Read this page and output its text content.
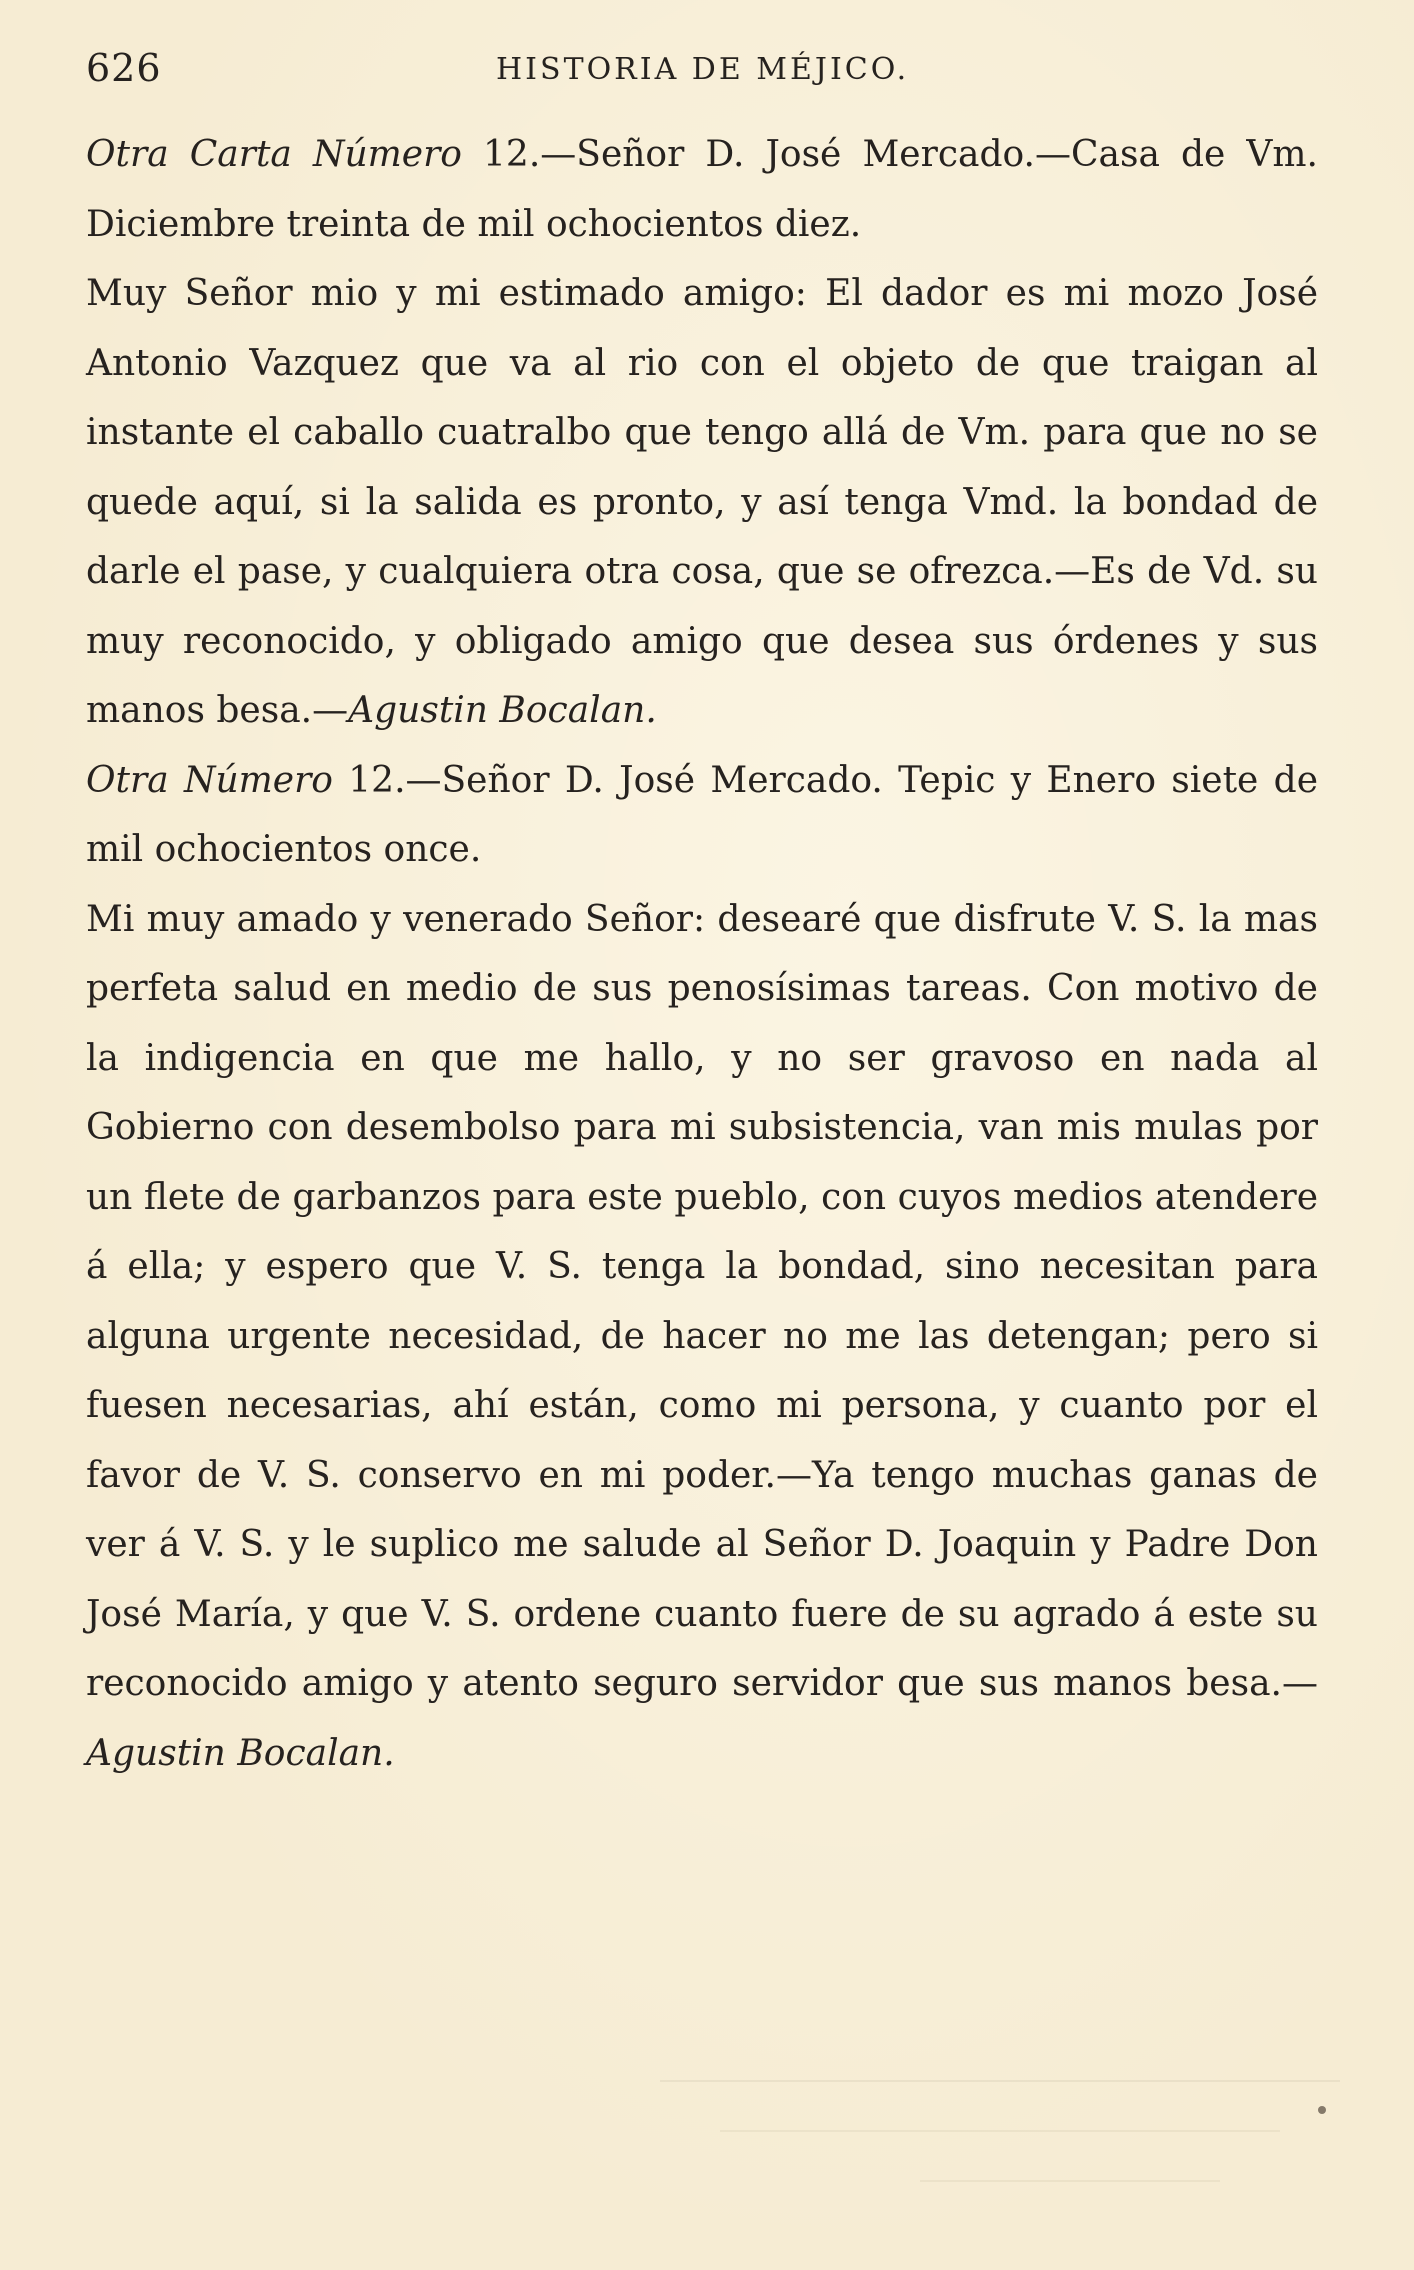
626	HISTORIA DE MÉJICO.

Otra Carta Número 12.—Señor D. José Mercado.—Casa de Vm. Diciembre treinta de mil ochocientos diez.

Muy Señor mio y mi estimado amigo: El dador es mi mozo José Antonio Vazquez que va al rio con el objeto de que traigan al instante el caballo cuatralbo que tengo allá de Vm. para que no se quede aquí, si la salida es pronto, y así tenga Vmd. la bondad de darle el pase, y cualquiera otra cosa, que se ofrezca.—Es de Vd. su muy reconocido, y obligado amigo que desea sus órdenes y sus manos besa.—Agustin Bocalan.

Otra Número 12.—Señor D. José Mercado. Tepic y Enero siete de mil ochocientos once.

Mi muy amado y venerado Señor: desearé que disfrute V. S. la mas perfeta salud en medio de sus penosísimas tareas. Con motivo de la indigencia en que me hallo, y no ser gravoso en nada al Gobierno con desembolso para mi subsistencia, van mis mulas por un flete de garbanzos para este pueblo, con cuyos medios atendere á ella; y espero que V. S. tenga la bondad, sino necesitan para alguna urgente necesidad, de hacer no me las detengan; pero si fuesen necesarias, ahí están, como mi persona, y cuanto por el favor de V. S. conservo en mi poder.—Ya tengo muchas ganas de ver á V. S. y le suplico me salude al Señor D. Joaquin y Padre Don José María, y que V. S. ordene cuanto fuere de su agrado á este su reconocido amigo y atento seguro servidor que sus manos besa.—Agustin Bocalan.
